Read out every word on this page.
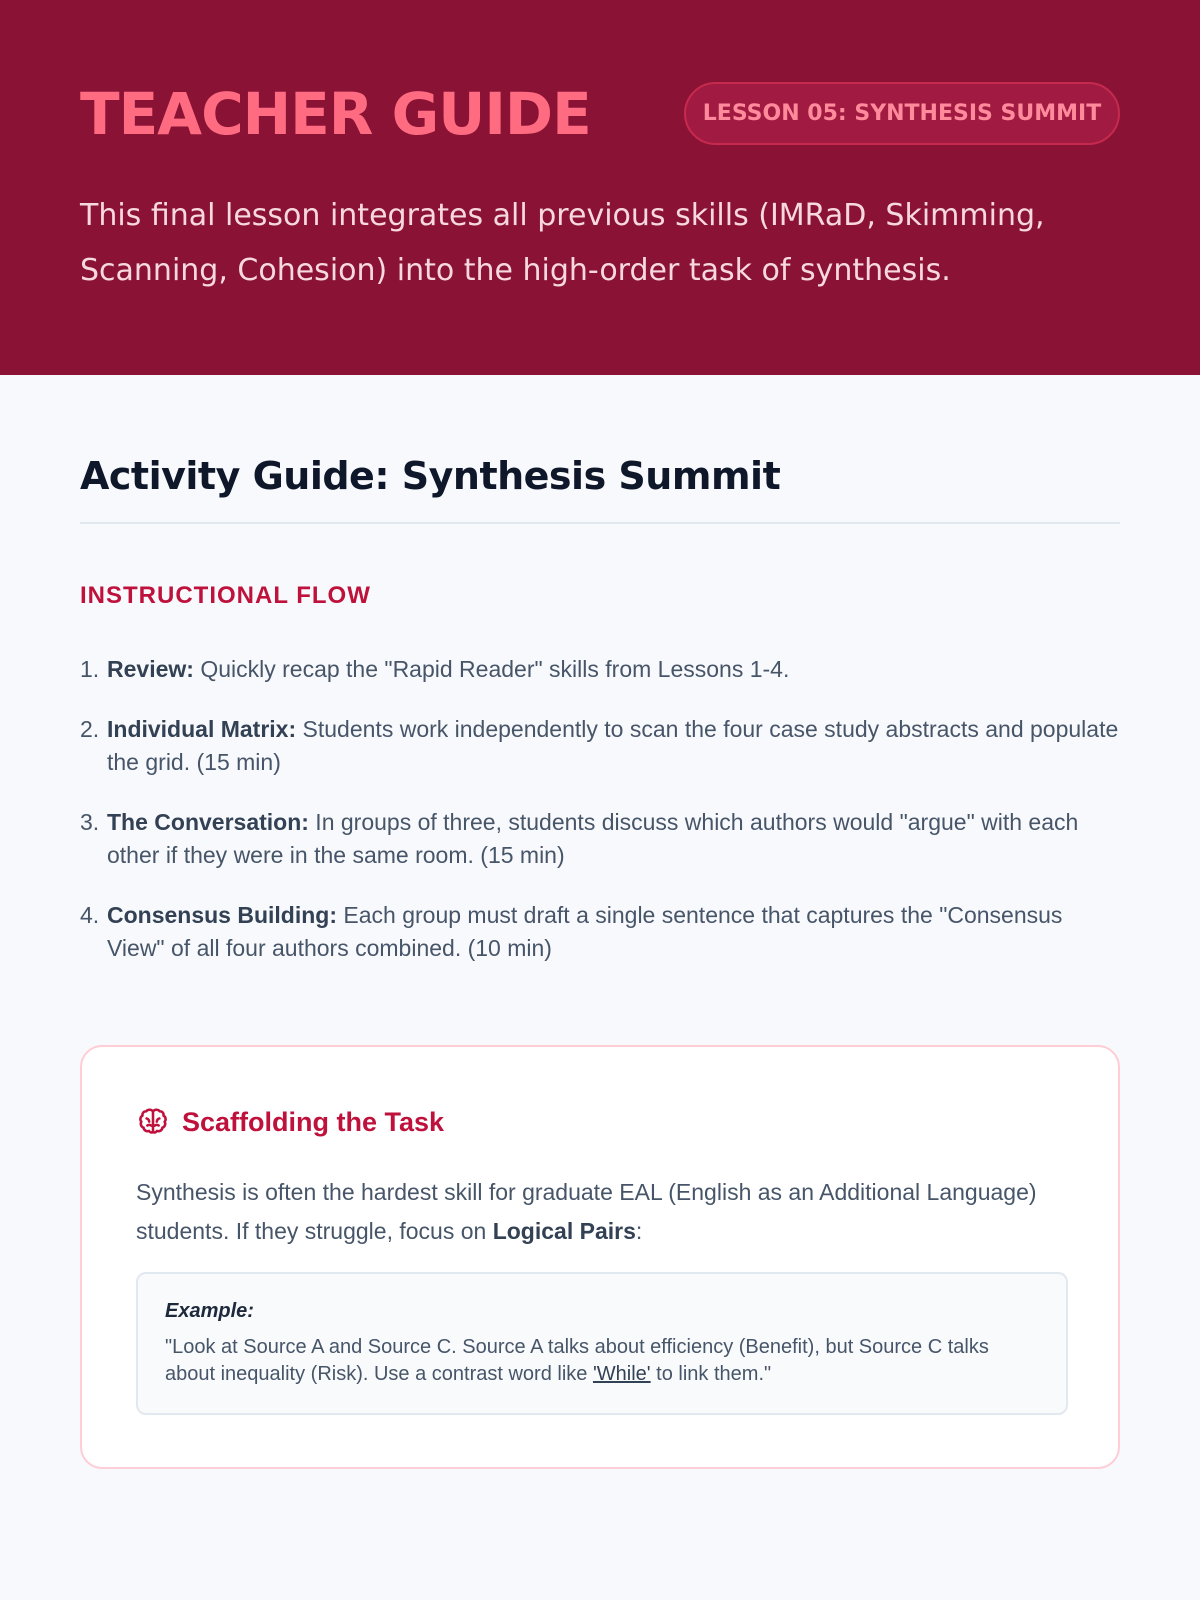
TEACHER GUIDE	LESSON 05: SYNTHESIS SUMMIT
This final lesson integrates all previous skills (IMRaD, Skimming, Scanning, Cohesion) into the high-order task of synthesis.
Activity Guide: Synthesis Summit
INSTRUCTIONAL FLOW
1. Review: Quickly recap the "Rapid Reader" skills from Lessons 1-4.
2. Individual Matrix: Students work independently to scan the four case study abstracts and populate the grid. (15 min)
3. The Conversation: In groups of three, students discuss which authors would "argue" with each other if they were in the same room. (15 min)
4. Consensus Building: Each group must draft a single sentence that captures the "Consensus View" of all four authors combined. (10 min)
Scaffolding the Task

Synthesis is often the hardest skill for graduate EAL (English as an Additional Language) students. If they struggle, focus on Logical Pairs:

Example:
"Look at Source A and Source C. Source A talks about efficiency (Benefit), but Source C talks about inequality (Risk). Use a contrast word like 'While' to link them."
